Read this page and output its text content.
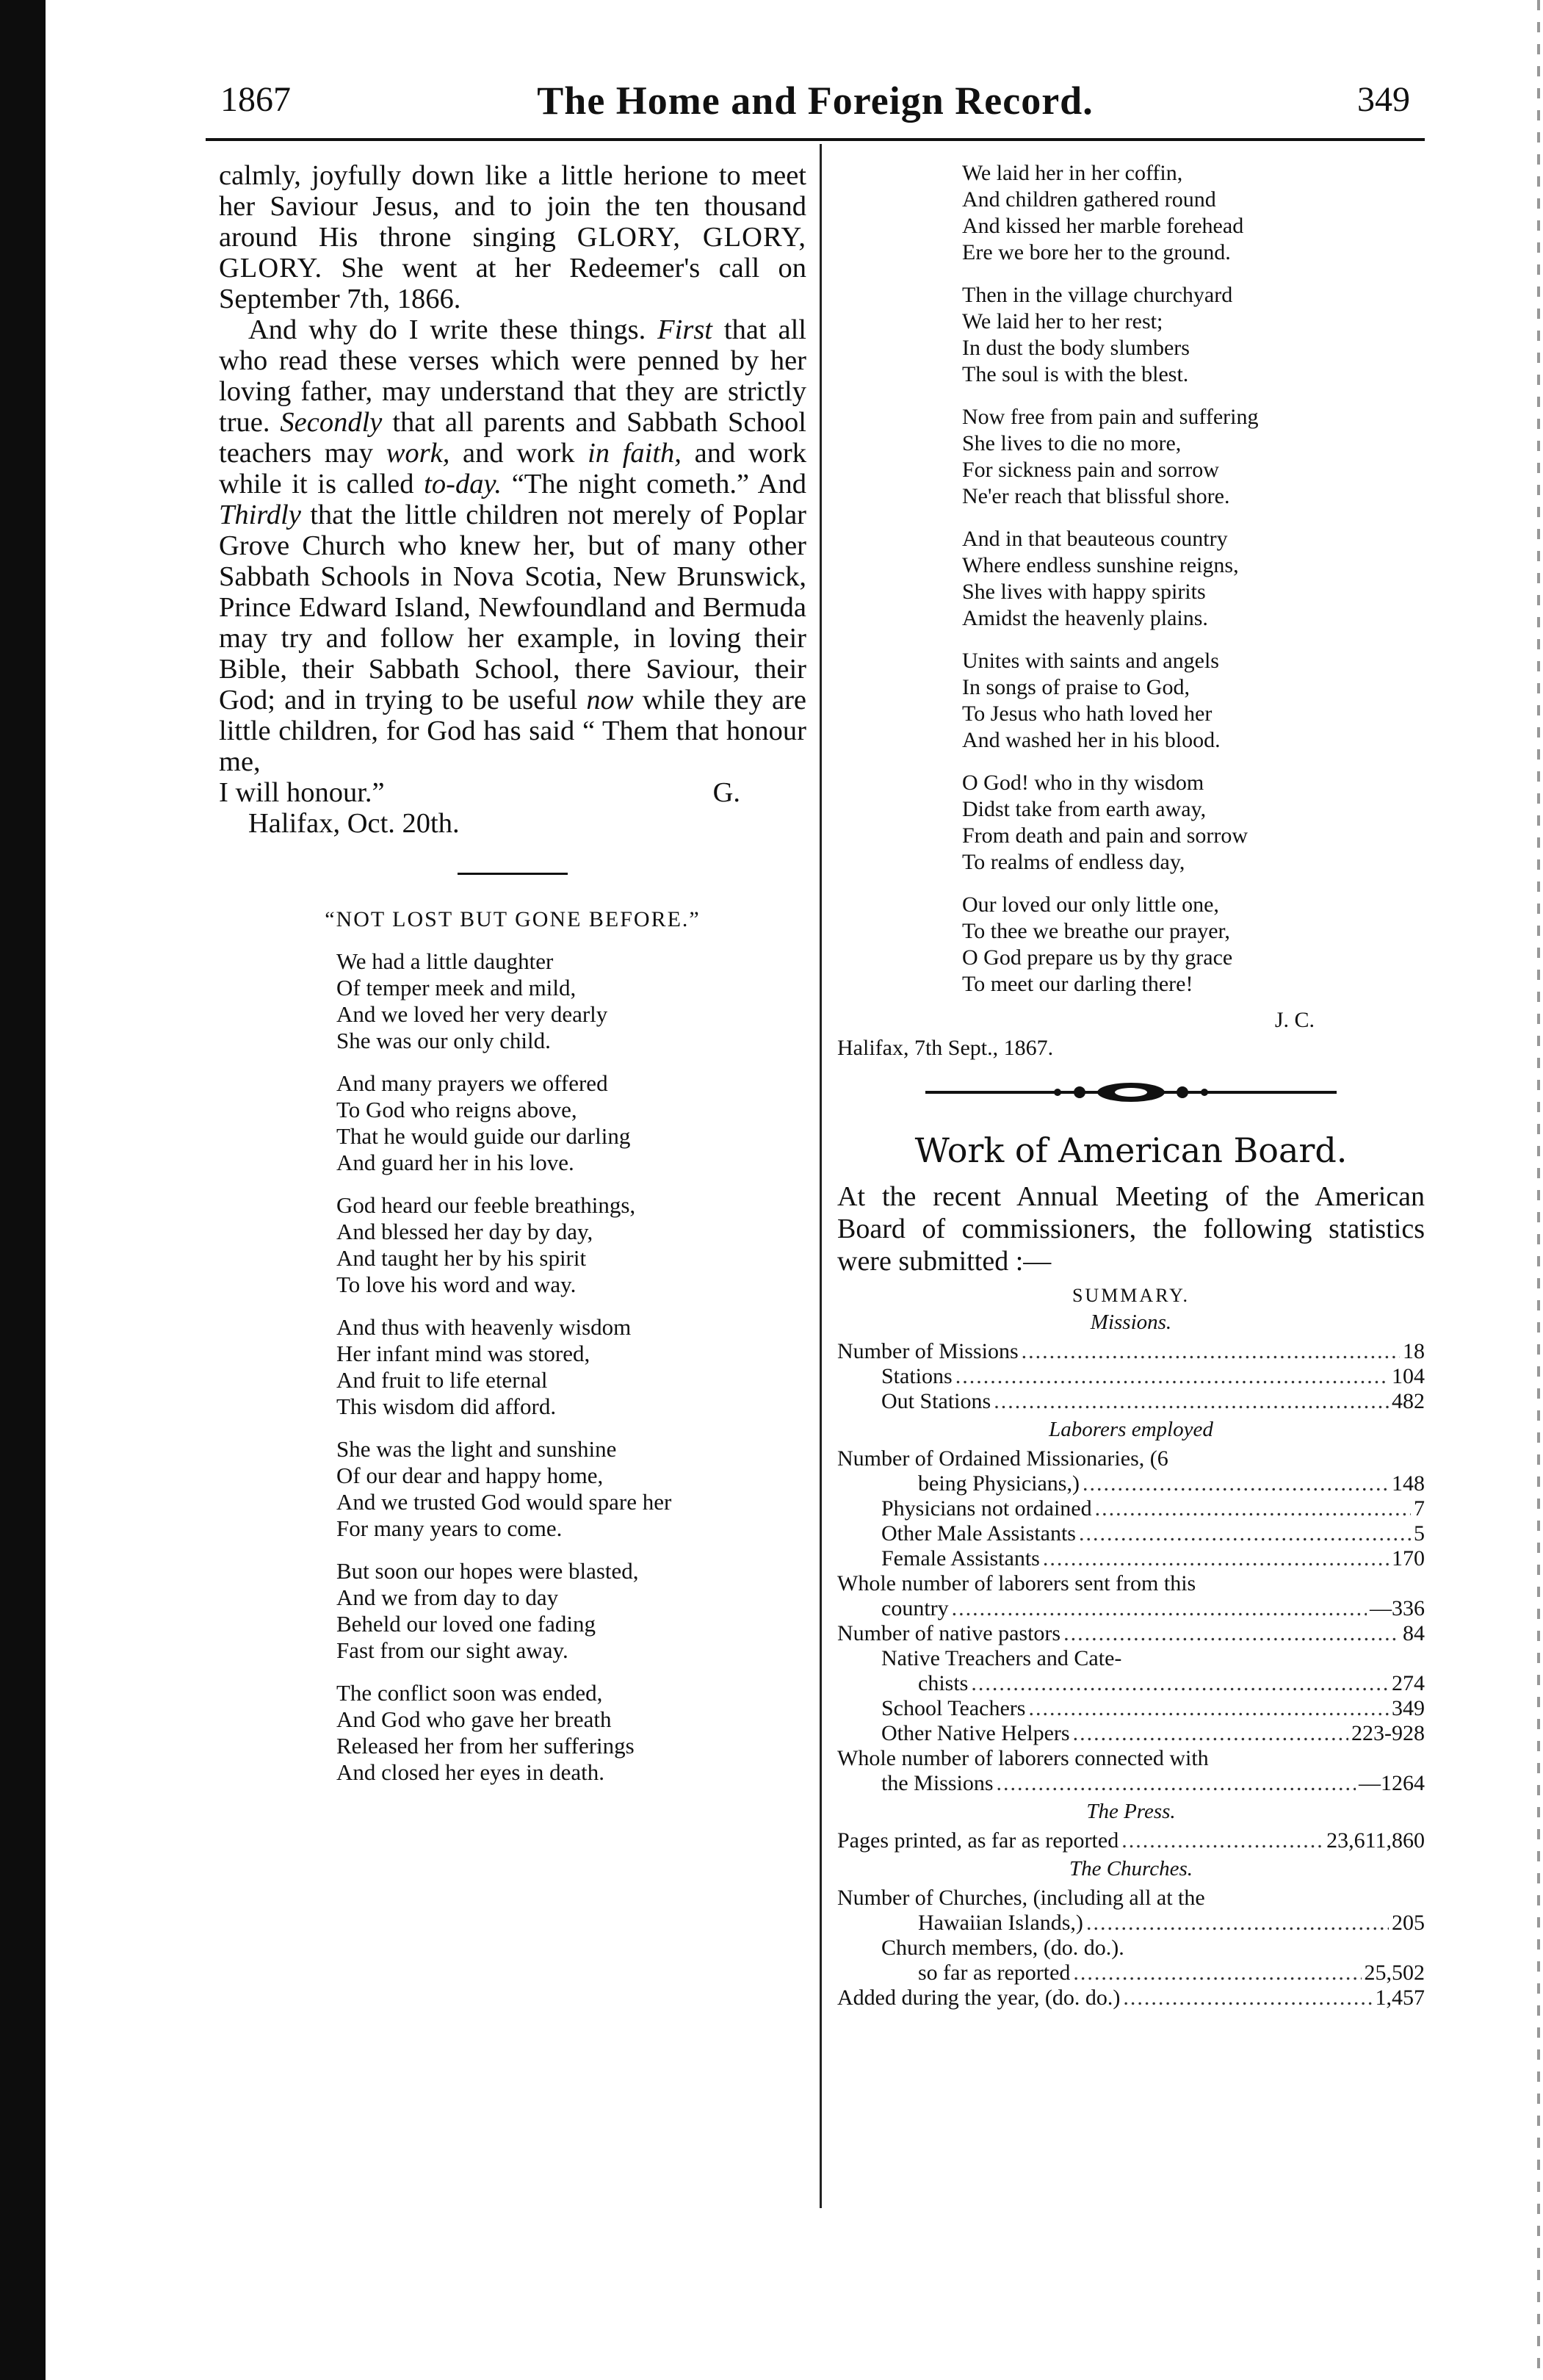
1867	The Home and Foreign Record.	349

calmly, joyfully down like a little herione to meet her Saviour Jesus, and to join the ten thousand around His throne singing GLORY, GLORY, GLORY. She went at her Redeemer's call on September 7th, 1866.

And why do I write these things. First that all who read these verses which were penned by her loving father, may understand that they are strictly true. Secondly that all parents and Sabbath School teachers may work, and work in faith, and work while it is called to-day. “The night cometh.” And Thirdly that the little children not merely of Poplar Grove Church who knew her, but of many other Sabbath Schools in Nova Scotia, New Brunswick, Prince Edward Island, Newfoundland and Bermuda may try and follow her example, in loving their Bible, their Sabbath School, there Saviour, their God; and in trying to be useful now while they are little children, for God has said “ Them that honour me,

I will honour.”	G.

Halifax, Oct. 20th.

“NOT LOST BUT GONE BEFORE.”
We had a little daughter
Of temper meek and mild,
And we loved her very dearly
She was our only child.
And many prayers we offered
To God who reigns above,
That he would guide our darling
And guard her in his love.
God heard our feeble breathings,
And blessed her day by day,
And taught her by his spirit
To love his word and way.
And thus with heavenly wisdom
Her infant mind was stored,
And fruit to life eternal
This wisdom did afford.
She was the light and sunshine
Of our dear and happy home,
And we trusted God would spare her
For many years to come.
But soon our hopes were blasted,
And we from day to day
Beheld our loved one fading
Fast from our sight away.
The conflict soon was ended,
And God who gave her breath
Released her from her sufferings
And closed her eyes in death.
We laid her in her coffin,
And children gathered round
And kissed her marble forehead
Ere we bore her to the ground.
Then in the village churchyard
We laid her to her rest;
In dust the body slumbers
The soul is with the blest.
Now free from pain and suffering
She lives to die no more,
For sickness pain and sorrow
Ne'er reach that blissful shore.
And in that beauteous country
Where endless sunshine reigns,
She lives with happy spirits
Amidst the heavenly plains.
Unites with saints and angels
In songs of praise to God,
To Jesus who hath loved her
And washed her in his blood.
O God! who in thy wisdom
Didst take from earth away,
From death and pain and sorrow
To realms of endless day,
Our loved our only little one,
To thee we breathe our prayer,
O God prepare us by thy grace
To meet our darling there!
J. C.
Halifax, 7th Sept., 1867.
Work of American Board.
At the recent Annual Meeting of the American Board of commissioners, the following statistics were submitted :—
SUMMARY.
Missions.
Number of Missions .....	18
Stations .....	104
Out Stations .....	482
Laborers employed
Number of Ordained Missionaries, (6
being Physicians,) .....	148
Physicians not ordained .....	7
Other Male Assistants .....	5
Female Assistants .....	170
Whole number of laborers sent from this
country .....	—336
Number of native pastors .....	84
Native Treachers and Cate-
chists .....	274
School Teachers .....	349
Other Native Helpers .....	223-928
Whole number of laborers connected with
the Missions .....	—1264
The Press.
Pages printed, as far as reported .....	23,611,860
The Churches.
Number of Churches, (including all at the
Hawaiian Islands,) .....	205
Church members, (do. do.).
so far as reported .....	25,502
Added during the year, (do. do.) .....	1,457
